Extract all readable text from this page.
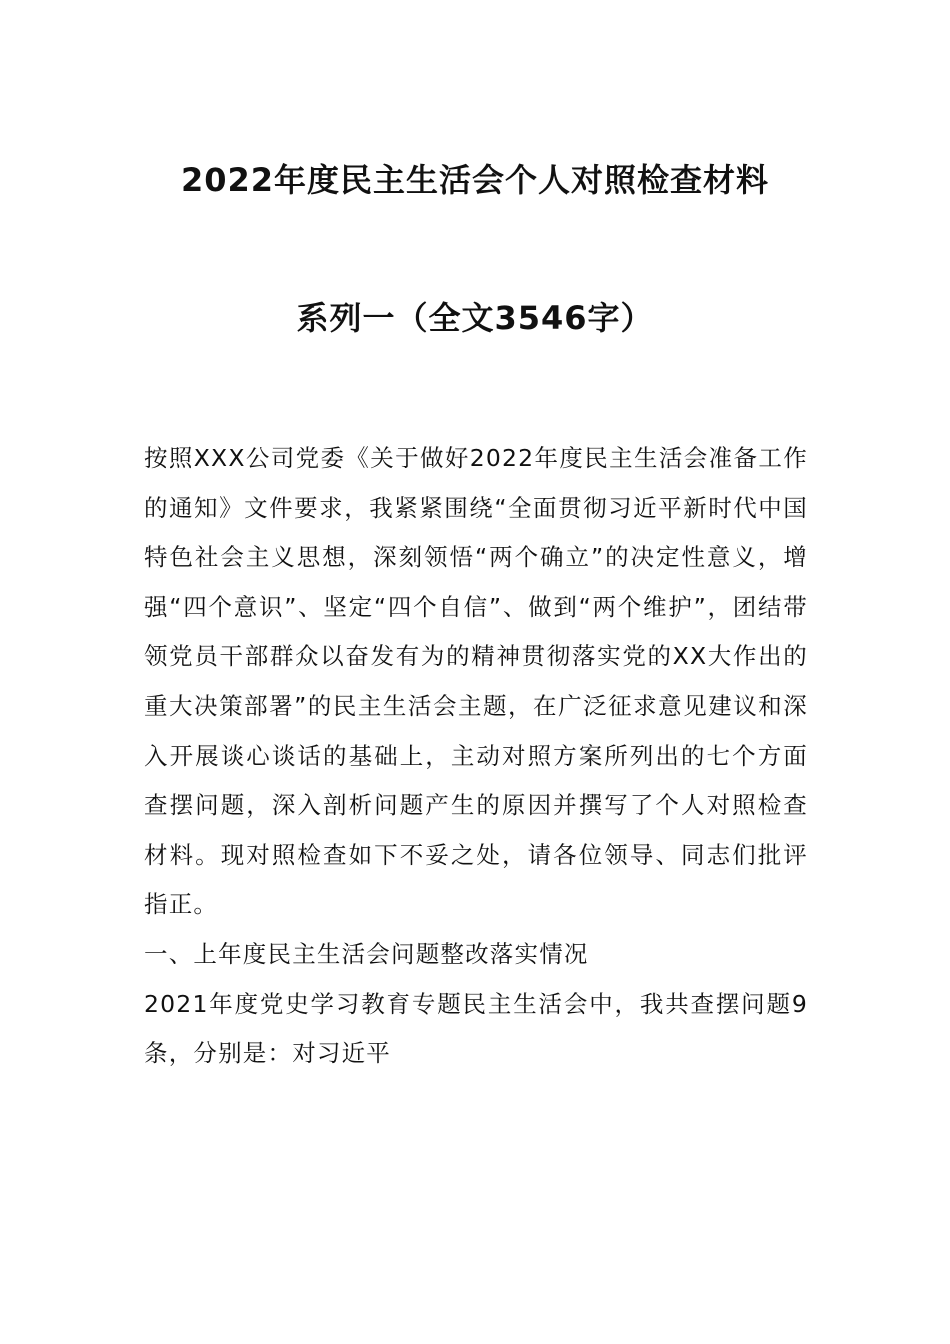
2022年度民主生活会个人对照检查材料
系列一（全文3546字）

按照XXX公司党委《关于做好2022年度民主生活会准备工作的通知》文件要求，我紧紧围绕“全面贯彻习近平新时代中国特色社会主义思想，深刻领悟“两个确立”的决定性意义，增强“四个意识”、坚定“四个自信”、做到“两个维护”，团结带领党员干部群众以奋发有为的精神贯彻落实党的XX大作出的重大决策部署”的民主生活会主题，在广泛征求意见建议和深入开展谈心谈话的基础上，主动对照方案所列出的七个方面查摆问题，深入剖析问题产生的原因并撰写了个人对照检查材料。现对照检查如下不妥之处，请各位领导、同志们批评指正。

一、上年度民主生活会问题整改落实情况

2021年度党史学习教育专题民主生活会中，我共查摆问题9条，分别是：对习近平
